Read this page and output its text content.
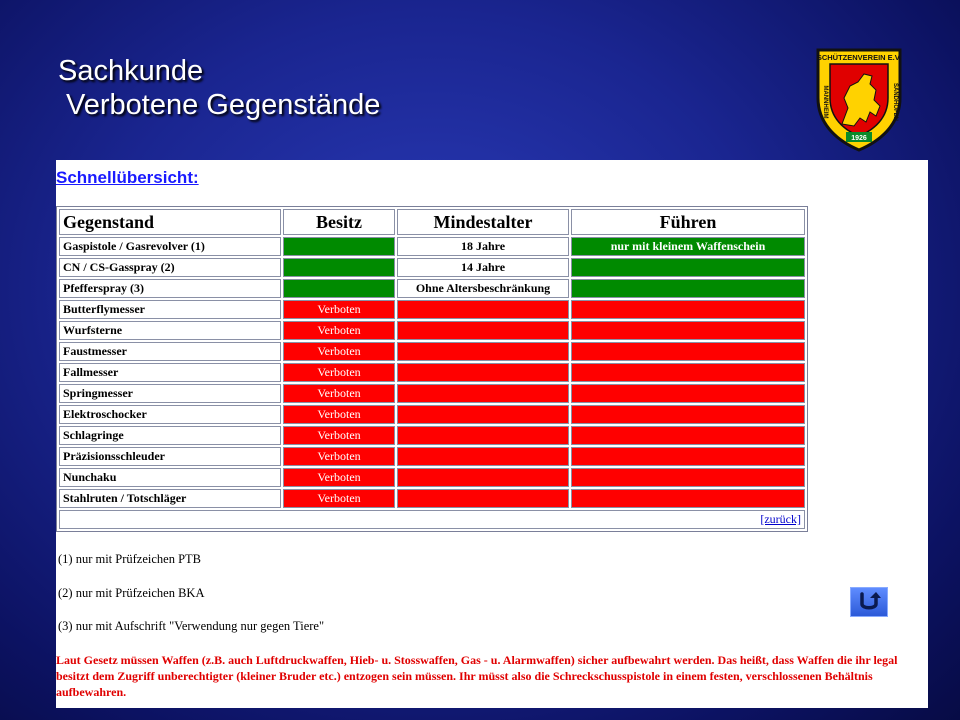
Sachkunde
Verbotene Gegenstände
SCHÜTZENVEREIN E.V.
MANNHEIM	SANDHOFEN
1926
Schnellübersicht:
Gegenstand	Besitz	Mindestalter	Führen
Gaspistole / Gasrevolver (1)		18 Jahre	nur mit kleinem Waffenschein
CN / CS-Gasspray (2)		14 Jahre	
Pfefferspray (3)		Ohne Altersbeschränkung	
Butterflymesser	Verboten		
Wurfsterne	Verboten		
Faustmesser	Verboten		
Fallmesser	Verboten		
Springmesser	Verboten		
Elektroschocker	Verboten		
Schlagringe	Verboten		
Präzisionsschleuder	Verboten		
Nunchaku	Verboten		
Stahlruten / Totschläger	Verboten		
[zurück]			
(1) nur mit Prüfzeichen PTB
(2) nur mit Prüfzeichen BKA
(3) nur mit Aufschrift "Verwendung nur gegen Tiere"

Laut Gesetz müssen Waffen (z.B. auch Luftdruckwaffen, Hieb- u. Stosswaffen, Gas - u. Alarmwaffen) sicher aufbewahrt werden. Das heißt, dass Waffen die ihr legal besitzt dem Zugriff unberechtigter (kleiner Bruder etc.) entzogen sein müssen. Ihr müsst also die Schreckschusspistole in einem festen, verschlossenen Behältnis aufbewahren.
